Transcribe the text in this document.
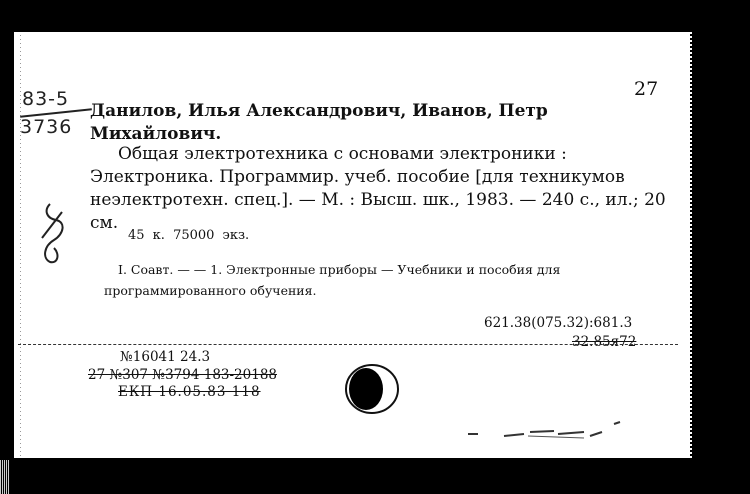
27
83-5
3736
Данилов, Илья Александрович, Иванов, Петр Михайлович.
Общая электротехника с основами электроники : Электроника. Программир. учеб. пособие [для техникумов неэлектротехн. спец.]. — М. : Высш. шк., 1983. — 240 с., ил.; 20 см.
45 к. 75000 экз.
I. Соавт. — — 1. Электронные приборы — Учебники и пособия для программированного обучения.
621.38(075.32):681.3
32.85я72
№16041 24.3
27 №307 №3794 183-20188
ЕКП 16.05.83 118
